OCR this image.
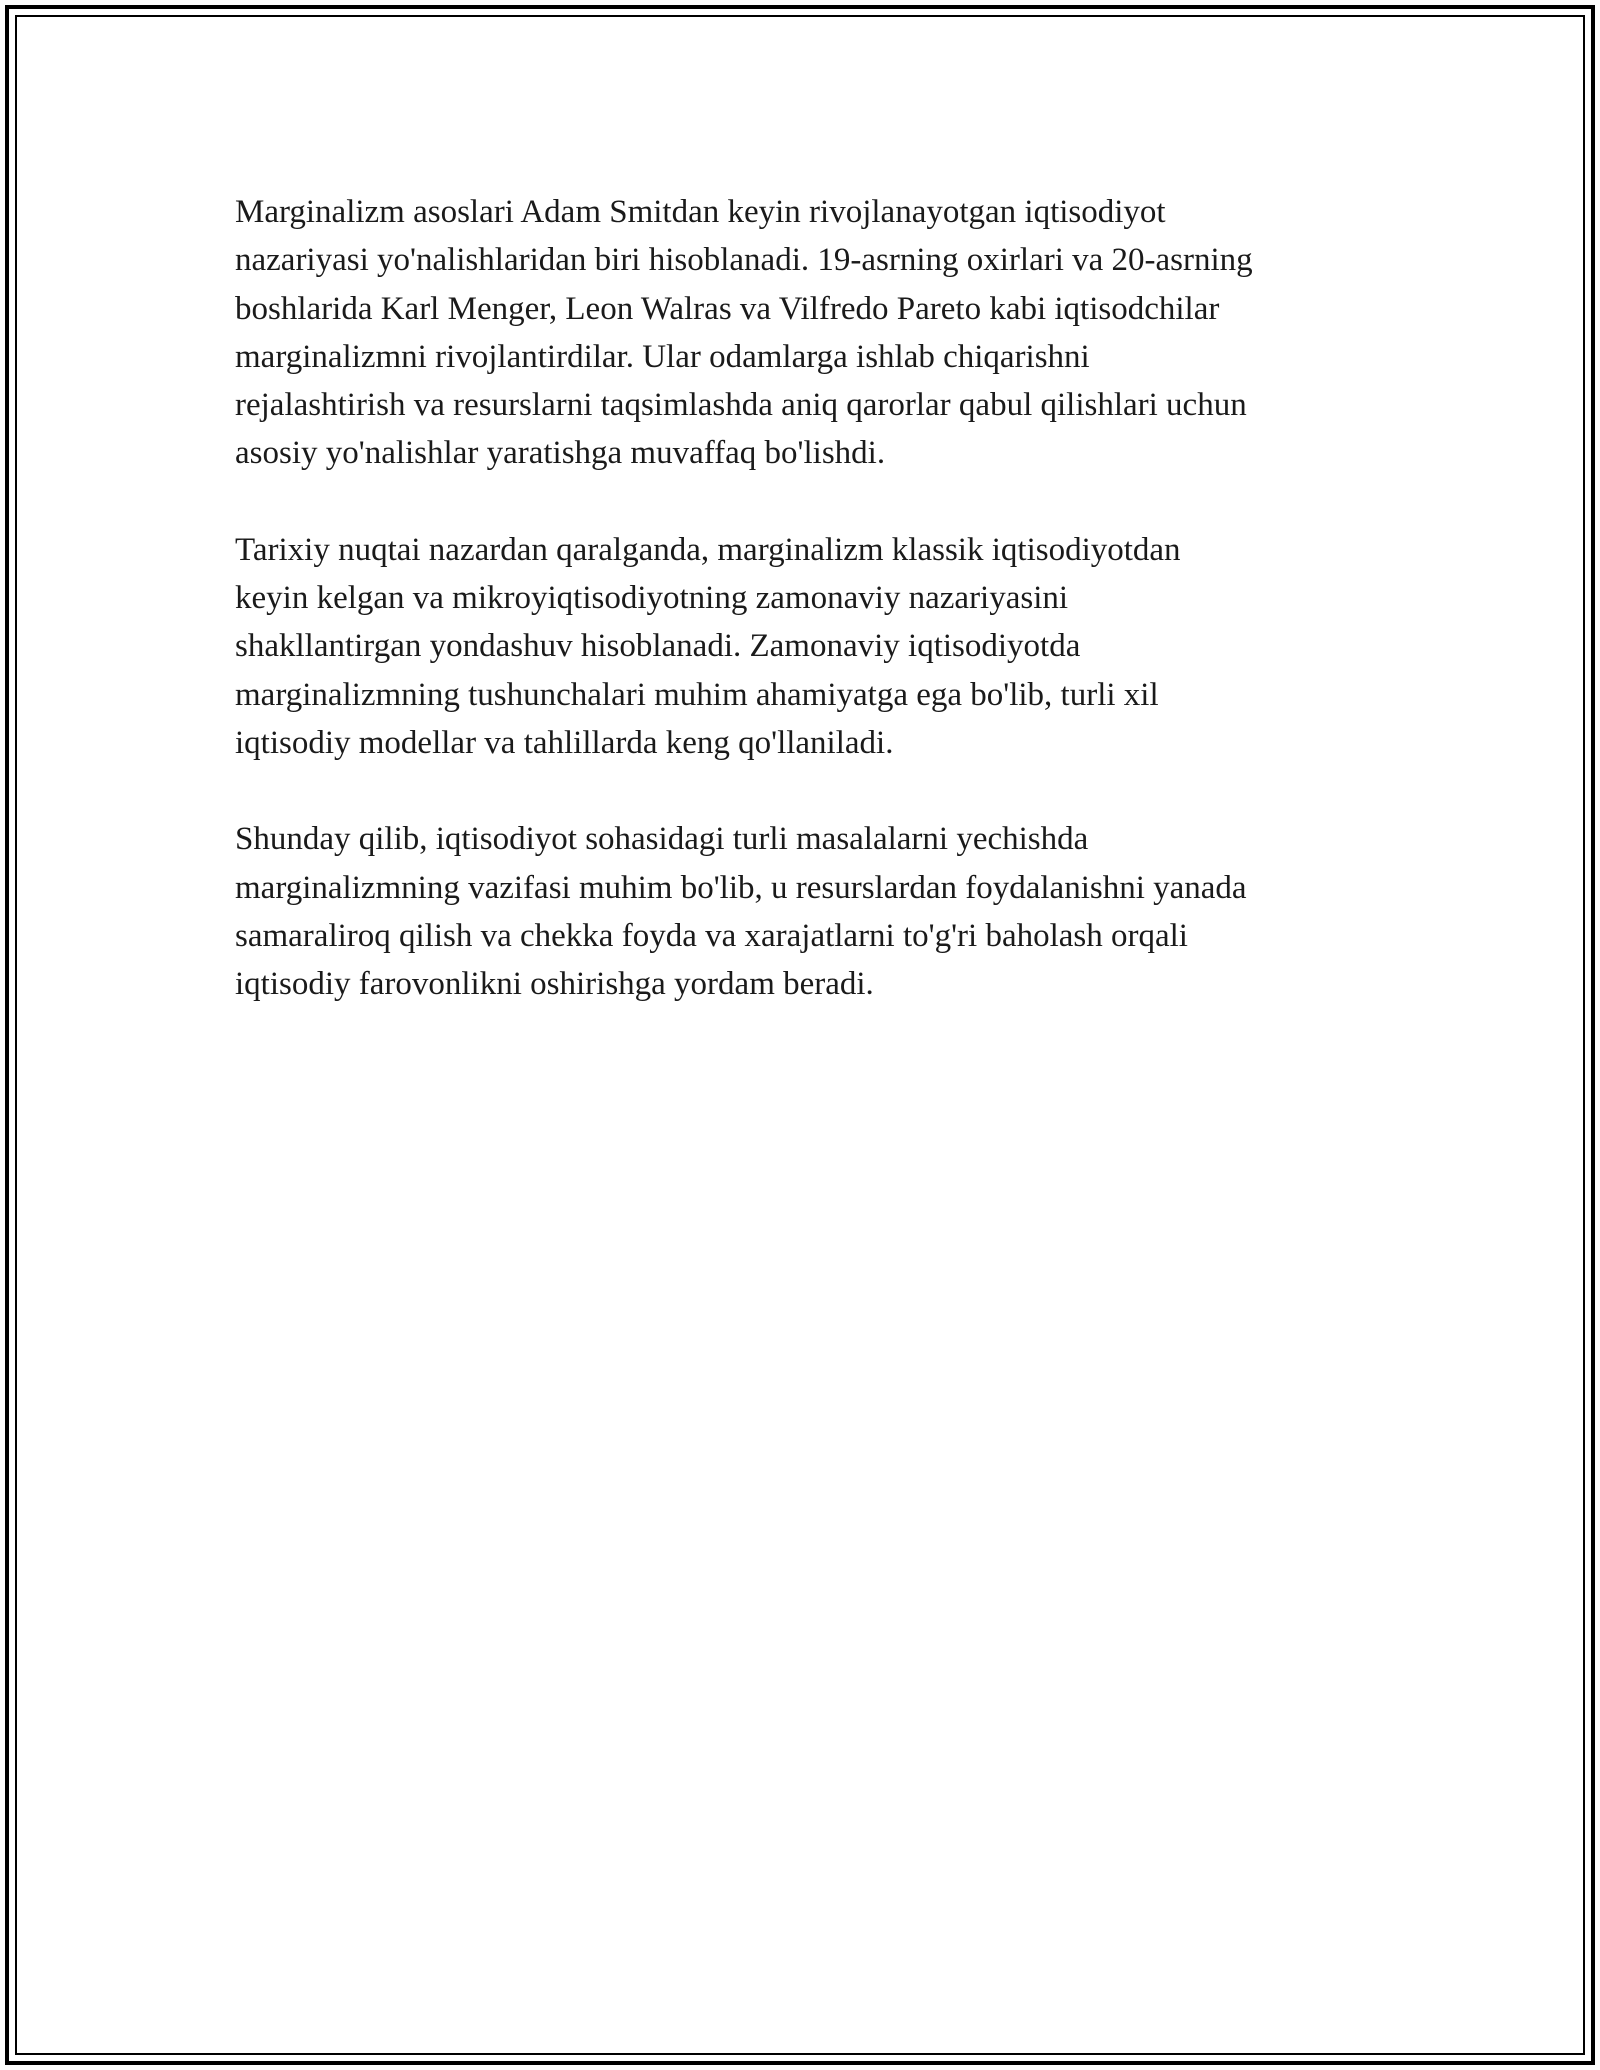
Marginalizm asoslari Adam Smitdan keyin rivojlanayotgan iqtisodiyot
nazariyasi yo'nalishlaridan biri hisoblanadi. 19-asrning oxirlari va 20-asrning
boshlarida Karl Menger, Leon Walras va Vilfredo Pareto kabi iqtisodchilar
marginalizmni rivojlantirdilar. Ular odamlarga ishlab chiqarishni
rejalashtirish va resurslarni taqsimlashda aniq qarorlar qabul qilishlari uchun
asosiy yo'nalishlar yaratishga muvaffaq bo'lishdi.

Tarixiy nuqtai nazardan qaralganda, marginalizm klassik iqtisodiyotdan
keyin kelgan va mikroyiqtisodiyotning zamonaviy nazariyasini
shakllantirgan yondashuv hisoblanadi. Zamonaviy iqtisodiyotda
marginalizmning tushunchalari muhim ahamiyatga ega bo'lib, turli xil
iqtisodiy modellar va tahlillarda keng qo'llaniladi.

Shunday qilib, iqtisodiyot sohasidagi turli masalalarni yechishda
marginalizmning vazifasi muhim bo'lib, u resurslardan foydalanishni yanada
samaraliroq qilish va chekka foyda va xarajatlarni to'g'ri baholash orqali
iqtisodiy farovonlikni oshirishga yordam beradi.
